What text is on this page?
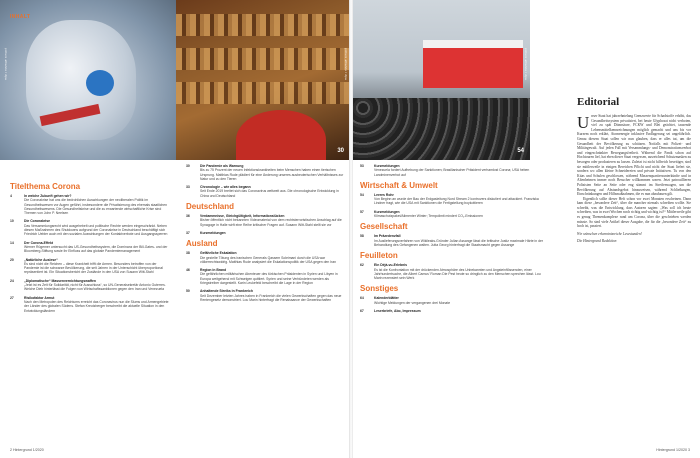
picture alliance / dpa
30
picture alliance / dpa
36	54
picture alliance / dpa
INHALT
Titelthema Corona
4	In welche Zukunft gehen wir?
Die Coronakrise hat uns die bedrohlichen Auswirkungen der neoliberalen Politik im Gesundheitswesen vor Augen geführt, insbesondere die Privatisierung des ehemals staatlichen Gesundheitswesens. Die Gesundheitskrise und die zu erwartende wirtschaftliche Krise sind Themen von John P. Neelsen
10	Die Coronakrise
Das Versammlungsrecht wird ausgehebelt und politische Rechte werden eingeschränkt. Neben diesen Maßnahmen des Shutdowns aufgrund der Coronakrise in Deutschland beschäftigt sich Friedrich Uebler auch mit den sozialen Auswirkungen der Kontaktverbote und Ausgangssperren
14	Der Corona-Effekt
Werner Rügemer untersucht das US-Gesundheitssystem, die Dominanz der Bill-Gates- und der Bloomberg-Stiftung sowie ihr Einfluss auf das globale Pandemiemanagement
20	„Natürliche Auslese“
Es sind nicht die Reichen – diese Krankheit trifft die Armen. Besonders betroffen von der Pandemie ist die schwarze Bevölkerung, die seit Jahren in der Unterschicht überproportional repräsentiert ist. Ein Situationsbericht der Zustände in den USA von Susann Witt-Stahl
24	„Diplomatische“ Massenvernichtungswaffen
„Jetzt ist es Zeit für Solidarität, nicht für Ausschluss“, so UN-Generalsekretär Antonio Guterres. Welche Dieb hinterlässt die Folgen von Wirtschaftssanktionen gegen den Iran und Venezuela
27	Risikofaktor Armut
Nach den Metropolen des Reichtums erreicht das Coronavirus nun die Slums und Armengebiete der Länder des globalen Südens. Stefan Kreutzberger beschreibt die aktuelle Situation in den Entwicklungsländern
30	Die Pandemie als Warnung
Bis zu 75 Prozent der neuen Infektionskrankheiten beim Menschen haben einen tierischen Ursprung. Matthias Rude plädiert für eine Änderung unseres ausbeuterischen Verhältnisses zur Natur und zu den Tieren
33	Chronologie – wie alles begann
Seit Ende 2019 breitet sich das Coronavirus weltweit aus. Die chronologische Entwicklung in China und Deutschland
Deutschland
36	Verdammnisse, Gleichgültigkeit, Informationslücken
Bisher öffentlich nicht bekannten Videomaterial von dem rechtsterroristischen Anschlag auf die Synagoge in Halle wirft eine Reihe kritischer Fragen auf. Susann Witt-Stahl stellt sie vor
37	Kurzmeldungen
Ausland
38	Gefährliche Eskalation
Die gezielte Tötung des iranischen Generals Qassem Soleimani durch die USA war völkerrechtswidrig. Matthias Rude analysiert die Eskalationspolitik der USA gegen den Iran
46	Region in Brand
Die gefährlichen militärischen Abenteuer des türkischen Präsidenten in Syrien und Libyen in Europa weitgehend mit Schweigen quittiert. Syrien und seine Verbündeten werden als Kriegstreiber dargestellt. Karin Leukefeld beschreibt die Lage in der Region
50	Anhaltende Streiks in Frankreich
Seit Dezember letzten Jahres haben in Frankreich die vielen Gewerkschaften gegen das neue Rentengesetz demonstriert. Lou Marin hinterfragt die Renaissance der Gewerkschaften
53	Kurzmeldungen
Venezuela fordert Aufhebung der Sanktionen; Brasilianischer Präsident verhamlost Corona; USA heben Landminenverbot auf
Wirtschaft & Umwelt
54	Leeres Rohr
Von Beginn an wurde der Bau der Erdgasleitung Nord Stream 2 kontrovers diskutiert und attackiert. Franziska Lindner fragt, wie die USA mit Sanktionen die Fertigstellung boykottieren
57	Kurzmeldungen
Klimaschutzpaket/Alimenter Winter; Tempolimit mindert CO₂-Emissionen
Gesellschaft
58	Im Präzedenzfall
Im Auslieferungsverfahren von Wikileaks-Gründer Julian Assange lässt die britische Justiz maximale Härte in der Behandlung des Gefangenen walten. Jutta Georg hinterfragt die Staatsmacht gegen Assange
Feuilleton
62	Ein Déjà-vu-Erlebnis
Es ist die Konfrontation mit der drückenden Atmosphäre des Unbekannten und Angsteinflössenden, einer Jahrhundertsuche, die Albert Camus' Roman Die Pest heute so dringlich zu den Menschen sprechen lässt. Lou Marin rezensiert sein Werk
Sonstiges
64	Kalenderblätter
Wichtige Meldungen der vergangenen drei Monate
67	Leserbriefe, Abo, Impressum
Editorial
Unser Staat hat jahrzehntelang Grenzwerte für Schadstoffe erhöht, das Gesundheitssystem privatisiert, bei heute Glyphosat nicht verboten, viel zu spät Diinnsäure, FCKW und Blei geächtet, tausende Lebensmittelkennzeichnungen möglich gemacht und uns bis vor Kurzem noch erklärt, Atomenergie inklusive Endlagerung sei ungefährlich. Genau diesem Staat sollen wir nun glauben, dass er alles tut, um die Gesundheit der Bevölkerung zu schützen. Notfalls mit Polizei- und Militärgewalt. Auf jeden Fall mit Versammlungs- und Demonstrationsverbot und eingeschränkter Bewegungsfreiheit. Während die Panik schon auf Hochtouren lief, hat eben dieser Staat vergessen, ausreichend Schutzmasken zu besorgen oder produzieren zu lassen. Zuletzt ist nicht hilfreich beseitiger, sind sie mittlerweile in einigen Bereichen Pflicht und nicht der Staat liefert sie, sondern wo allen kleine Schneidereien und private Initiativen. Tu von den Kitas und Schulen geschlossen, während Massenquartiersunterkünfte und in Altenheimen immer noch Besucher willkommen waren. Jetzt patrouillieren Polizisten Seite an Seite oder eng stimmt im Streifenwagen, um die Bevölkerung auf Abstandsgebot hinzuweisen, während Schließungen, Einschränkungen und Hilfsmaßnahmen, die es nun abzubauen gilt.
Eigentlich sollte dieser Heft schon vor zwei Monaten erscheinen. Dann kam diese „besondere Zeit“, über die mancher niemals schreiben wollte. Sie schreibt, was die Entwicklung, dass Autoren sagten: „Was soll ich heute schreiben, was in zwei Wochen noch richtig und wichtig ist?“ Mittlerweile gibt es genug Themenkomplexe rund um Corona, über die geschrieben werden müsste. So sind viele Artikel dieser Ausgabe, die für die „besondere Zeit“ zu hoch ist, passiert.
Wir wünschen erkenntnisreiche Lesestunden!
Die Hintergrund Redaktion
2 Hintergrund 1/2020	Hintergrund 1/2020 3
